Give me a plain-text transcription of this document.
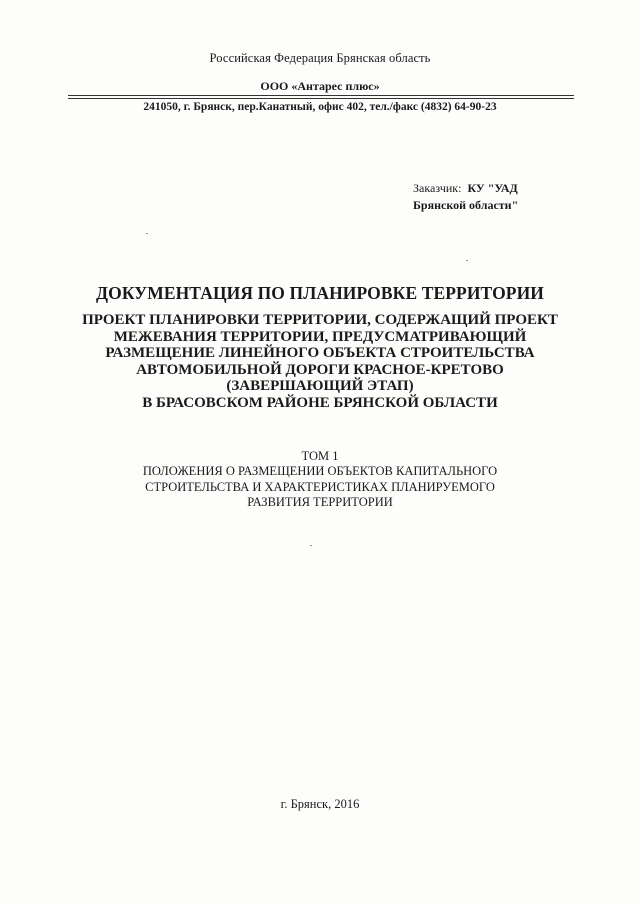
Российская Федерация Брянская область
ООО «Антарес плюс»
241050, г. Брянск, пер.Канатный, офис 402, тел./факс (4832) 64-90-23
Заказчик: КУ "УАД
Брянской области"
ДОКУМЕНТАЦИЯ ПО ПЛАНИРОВКЕ ТЕРРИТОРИИ
ПРОЕКТ ПЛАНИРОВКИ ТЕРРИТОРИИ, СОДЕРЖАЩИЙ ПРОЕКТ
МЕЖЕВАНИЯ ТЕРРИТОРИИ, ПРЕДУСМАТРИВАЮЩИЙ
РАЗМЕЩЕНИЕ ЛИНЕЙНОГО ОБЪЕКТА СТРОИТЕЛЬСТВА
АВТОМОБИЛЬНОЙ ДОРОГИ КРАСНОЕ-КРЕТОВО
(ЗАВЕРШАЮЩИЙ ЭТАП)
В БРАСОВСКОМ РАЙОНЕ БРЯНСКОЙ ОБЛАСТИ
ТОМ 1
ПОЛОЖЕНИЯ О РАЗМЕЩЕНИИ ОБЪЕКТОВ КАПИТАЛЬНОГО
СТРОИТЕЛЬСТВА И ХАРАКТЕРИСТИКАХ ПЛАНИРУЕМОГО
РАЗВИТИЯ ТЕРРИТОРИИ
г. Брянск, 2016
